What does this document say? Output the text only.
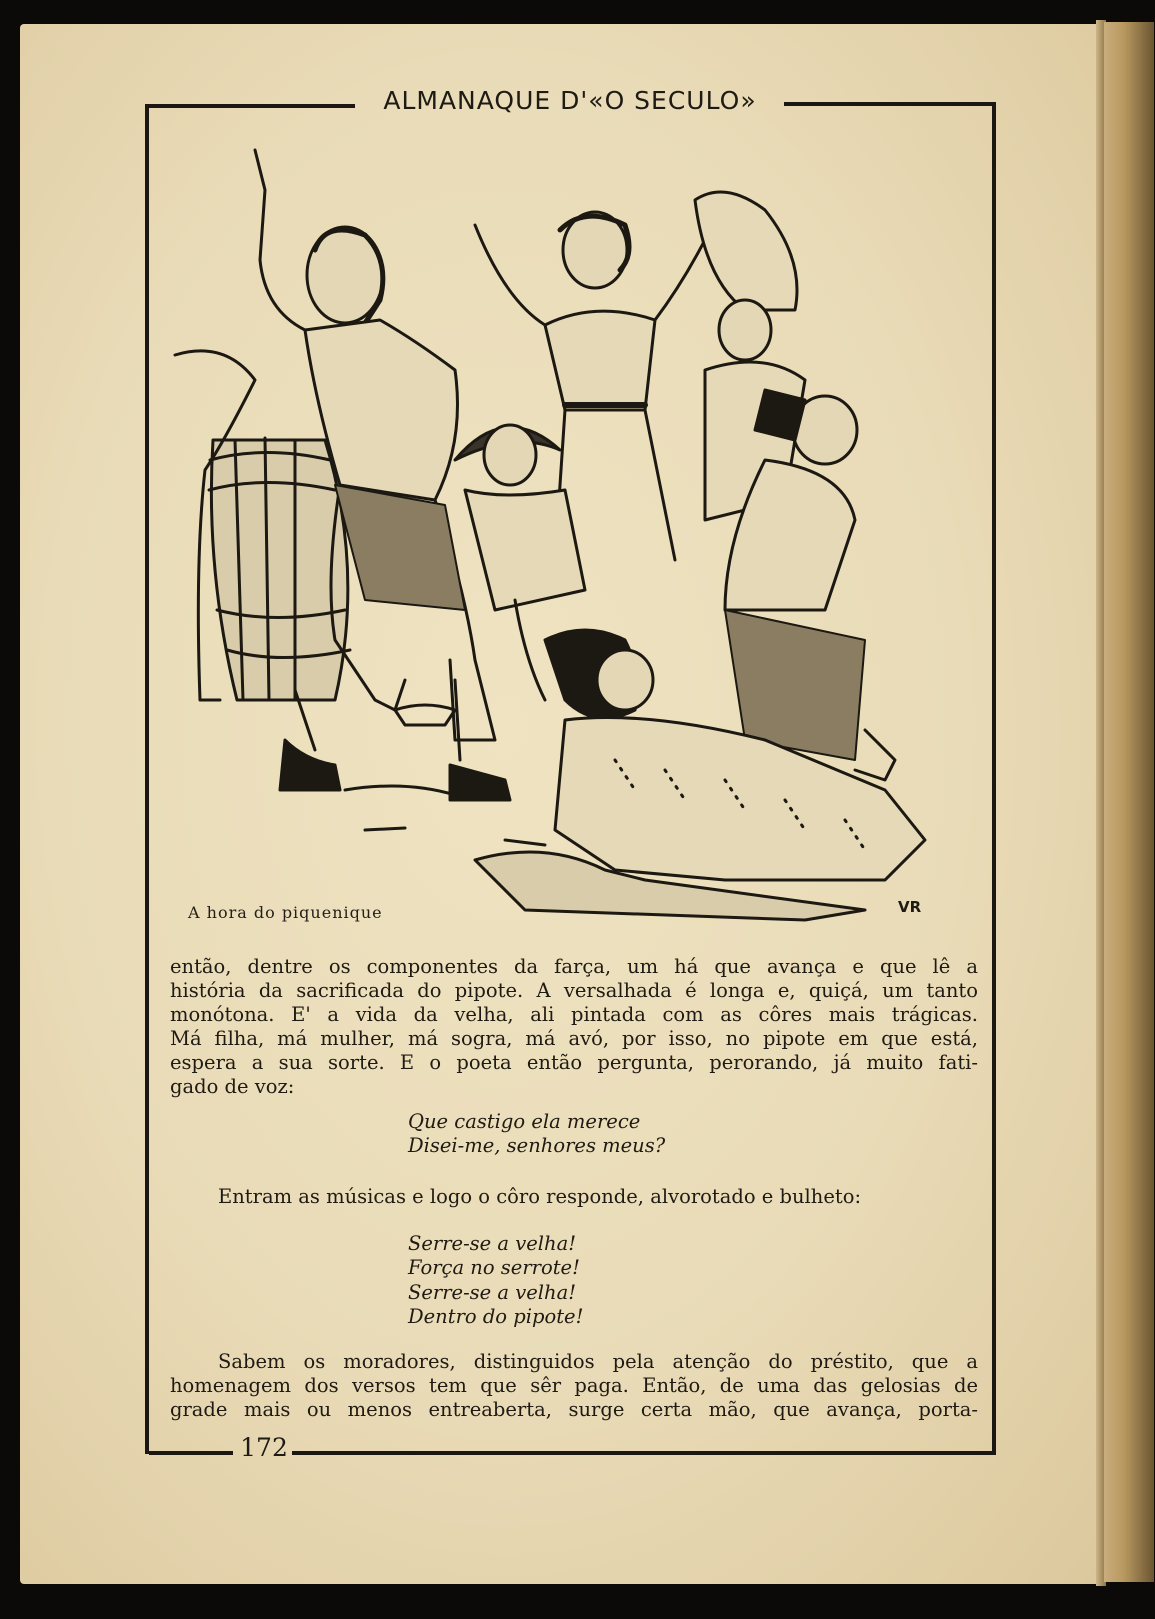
ALMANAQUE D'«O SECULO»
A hora do piquenique	VR
então, dentre os componentes da farça, um há que avança e que lê a
história da sacrificada do pipote. A versalhada é longa e, quiçá, um tanto
monótona. E' a vida da velha, ali pintada com as côres mais trágicas.
Má filha, má mulher, má sogra, má avó, por isso, no pipote em que está,
espera a sua sorte. E o poeta então pergunta, perorando, já muito fati-
gado de voz:
Que castigo ela merece
Disei-me, senhores meus?
Entram as músicas e logo o côro responde, alvorotado e bulheto:
Serre-se a velha!
Força no serrote!
Serre-se a velha!
Dentro do pipote!
Sabem os moradores, distinguidos pela atenção do préstito, que a
homenagem dos versos tem que sêr paga. Então, de uma das gelosias de
grade mais ou menos entreaberta, surge certa mão, que avança, porta-
172
